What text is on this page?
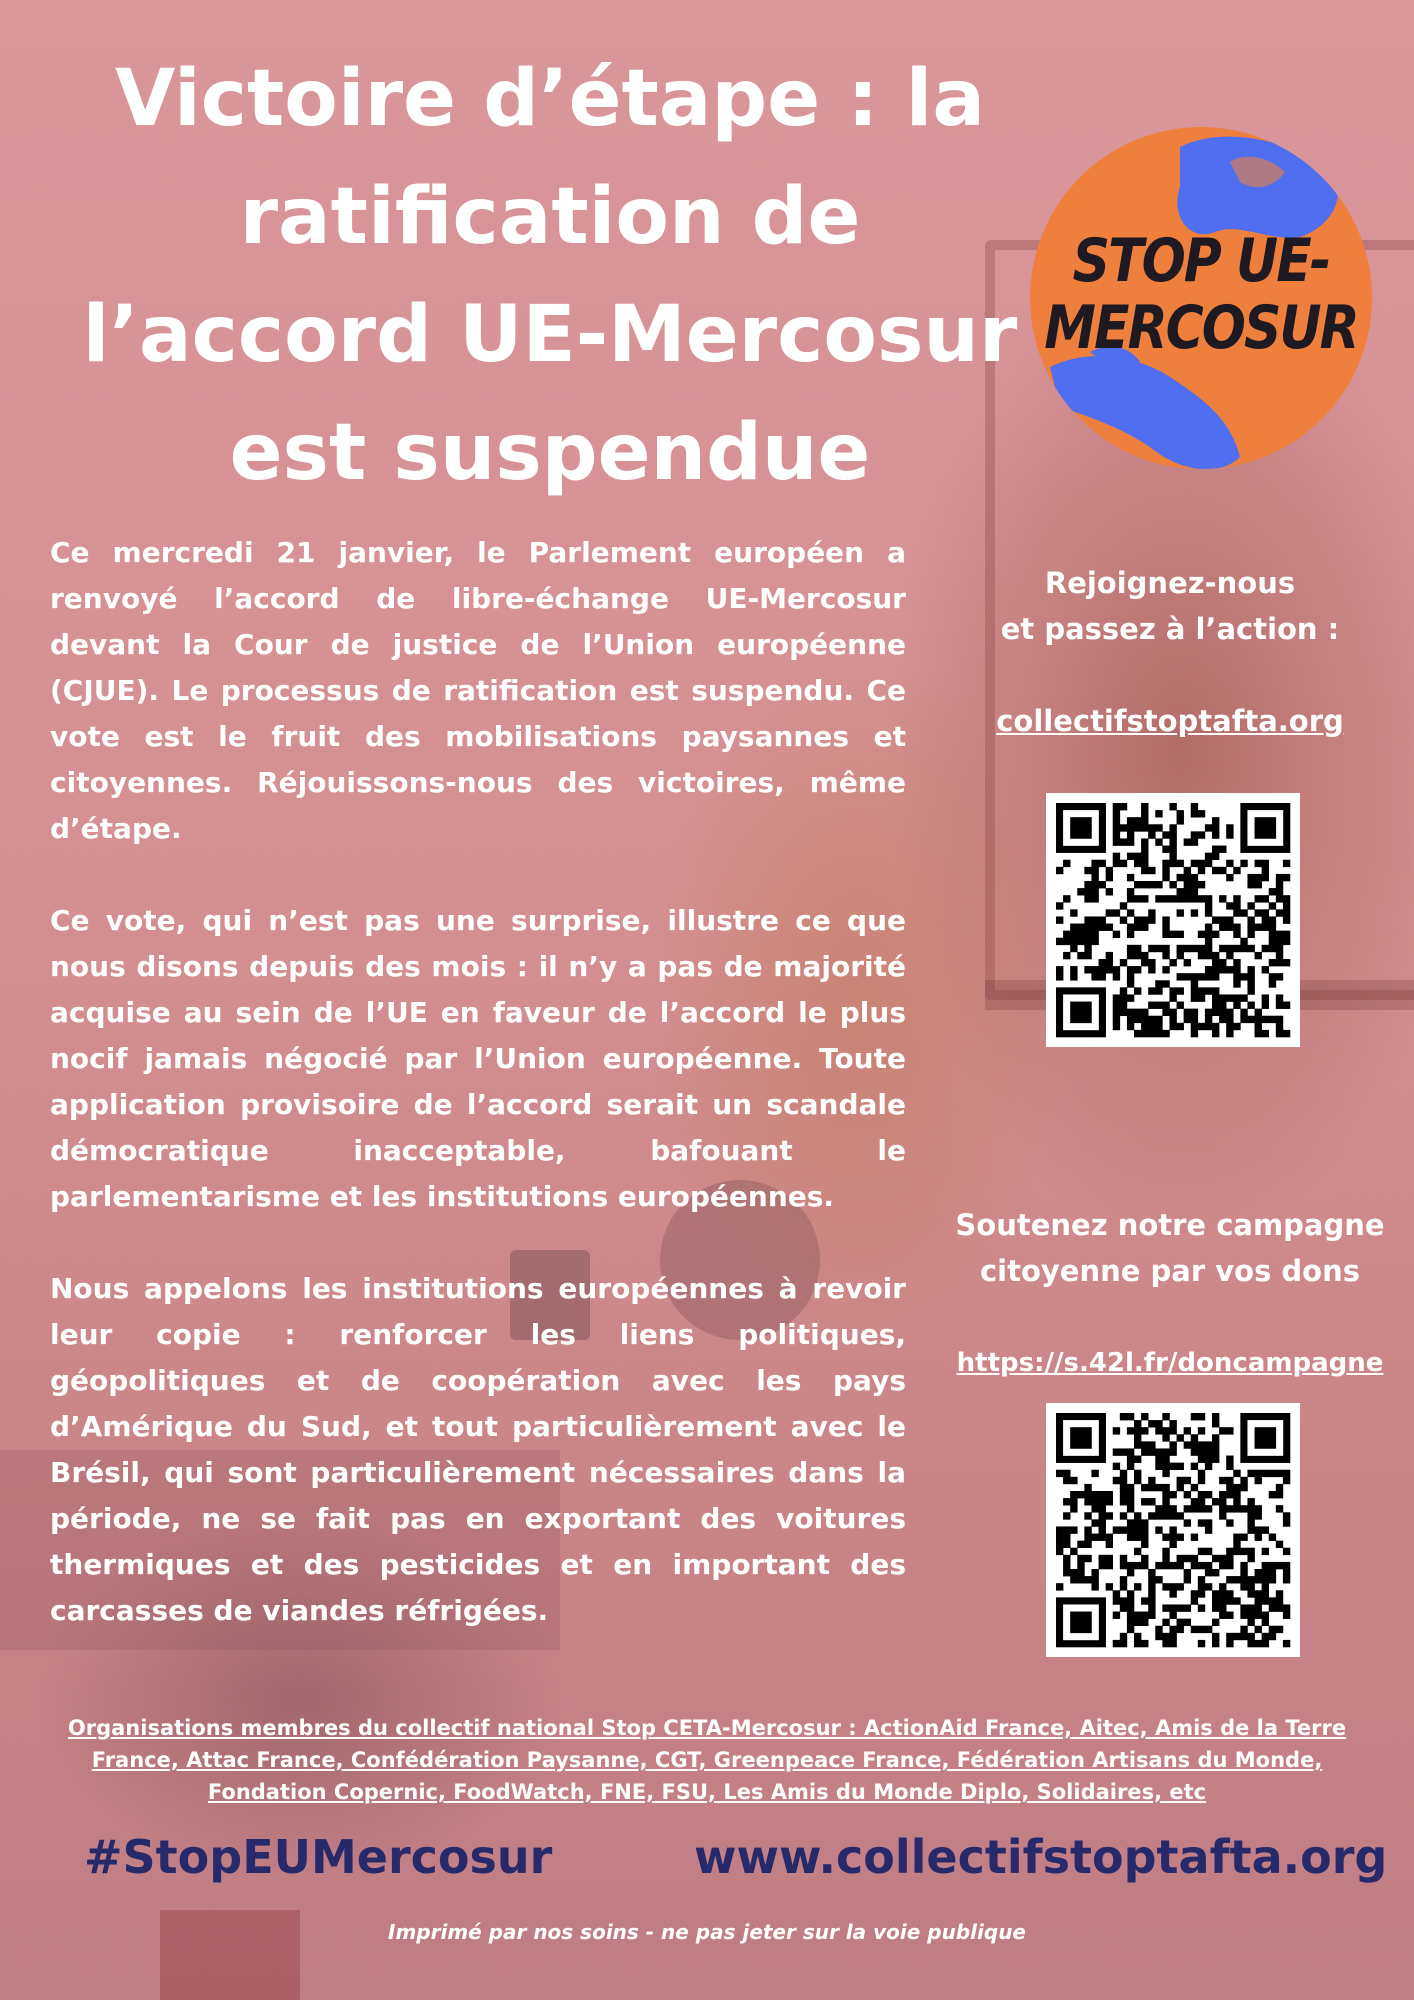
Victoire d’étape : la ratification de l’accord UE-Mercosur est suspendue
STOP UE-
MERCOSUR

Ce mercredi 21 janvier, le Parlement européen a renvoyé l’accord de libre-échange UE-Mercosur devant la Cour de justice de l’Union européenne (CJUE). Le processus de ratification est suspendu. Ce vote est le fruit des mobilisations paysannes et citoyennes. Réjouissons-nous des victoires, même d’étape.

Ce vote, qui n’est pas une surprise, illustre ce que nous disons depuis des mois : il n’y a pas de majorité acquise au sein de l’UE en faveur de l’accord le plus nocif jamais négocié par l’Union européenne. Toute application provisoire de l’accord serait un scandale démocratique inacceptable, bafouant le parlementarisme et les institutions européennes.

Nous appelons les institutions européennes à revoir leur copie : renforcer les liens politiques, géopolitiques et de coopération avec les pays d’Amérique du Sud, et tout particulièrement avec le Brésil, qui sont particulièrement nécessaires dans la période, ne se fait pas en exportant des voitures thermiques et des pesticides et en important des carcasses de viandes réfrigées.

Rejoignez-nous
et passez à l’action :
collectifstoptafta.org
Soutenez notre campagne
citoyenne par vos dons
https://s.42l.fr/doncampagne
Organisations membres du collectif national Stop CETA-Mercosur : ActionAid France, Aitec, Amis de la Terre France, Attac France, Confédération Paysanne, CGT, Greenpeace France, Fédération Artisans du Monde, Fondation Copernic, FoodWatch, FNE, FSU, Les Amis du Monde Diplo, Solidaires, etc
#StopEUMercosur	www.collectifstoptafta.org
Imprimé par nos soins - ne pas jeter sur la voie publique
